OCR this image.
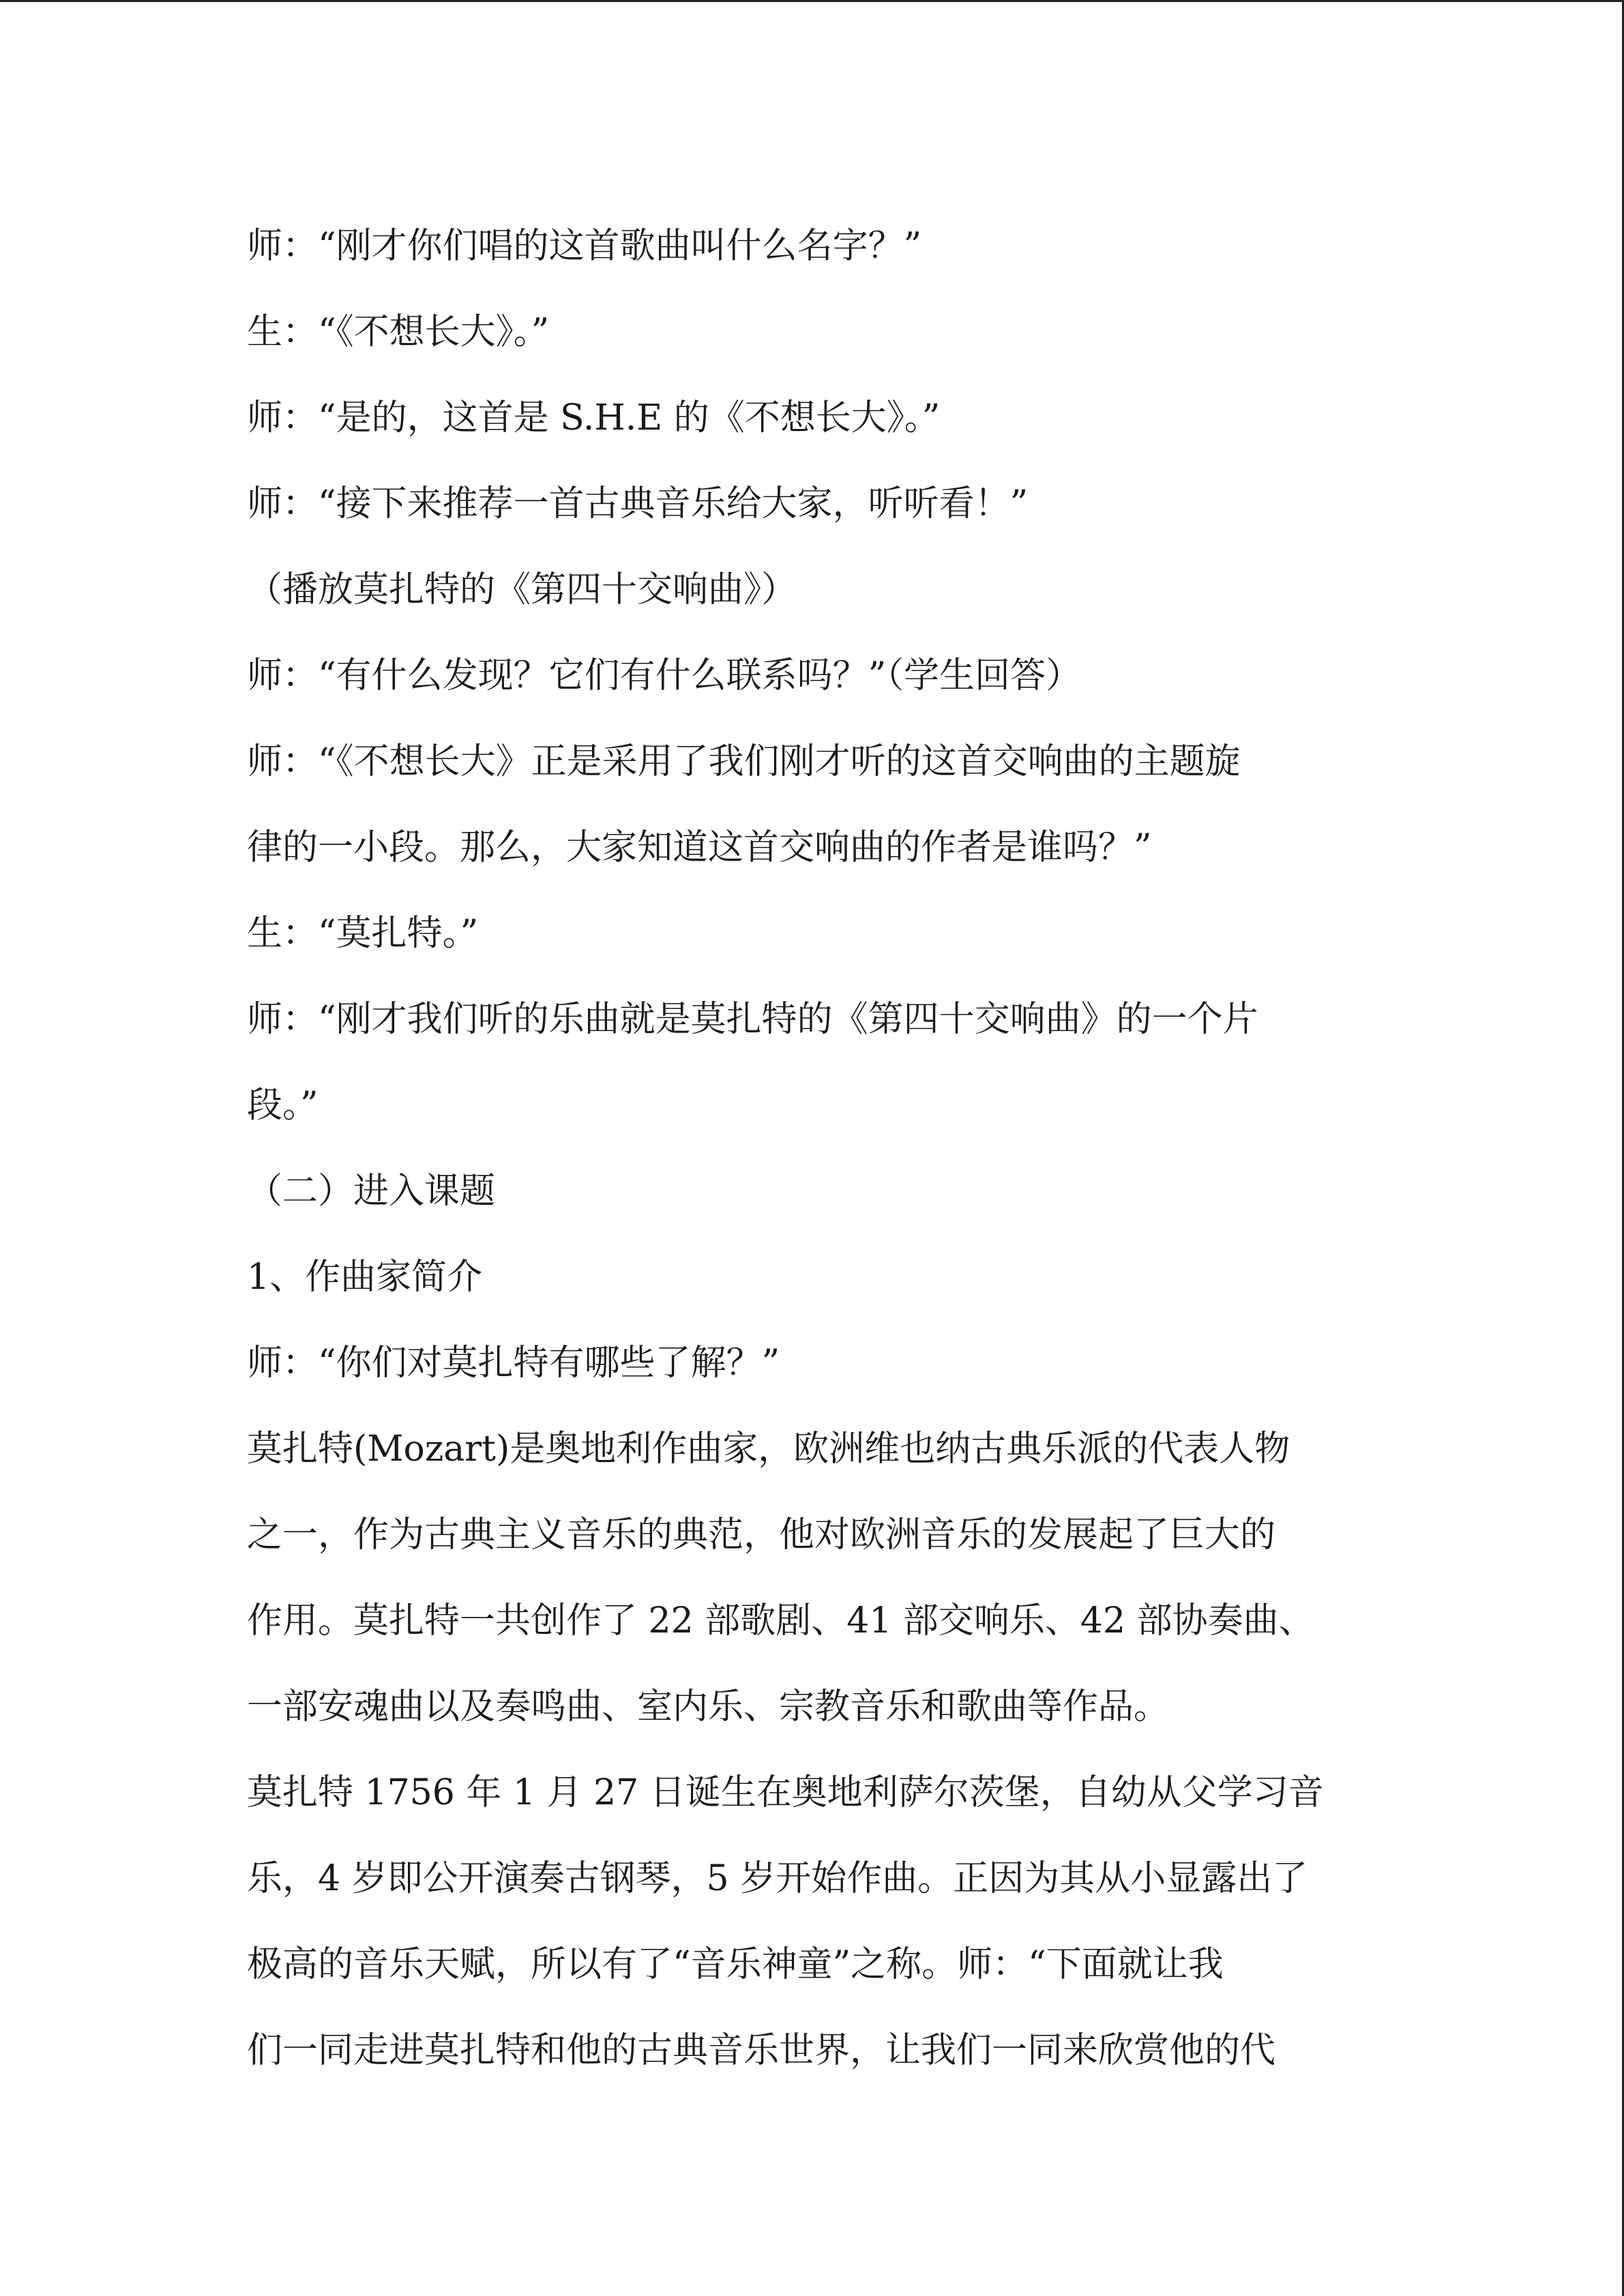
师：“刚才你们唱的这首歌曲叫什么名字？”
生：“《不想长大》。”
师：“是的，这首是 S.H.E 的《不想长大》。”
师：“接下来推荐一首古典音乐给大家，听听看！”
（播放莫扎特的《第四十交响曲》）
师：“有什么发现？它们有什么联系吗？”（学生回答）
师：“《不想长大》正是采用了我们刚才听的这首交响曲的主题旋
律的一小段。那么，大家知道这首交响曲的作者是谁吗？”
生：“莫扎特。”
师：“刚才我们听的乐曲就是莫扎特的《第四十交响曲》的一个片
段。”
（二）进入课题
1、作曲家简介
师：“你们对莫扎特有哪些了解？”
莫扎特(Mozart)是奥地利作曲家，欧洲维也纳古典乐派的代表人物
之一，作为古典主义音乐的典范，他对欧洲音乐的发展起了巨大的
作用。莫扎特一共创作了 22 部歌剧、41 部交响乐、42 部协奏曲、
一部安魂曲以及奏鸣曲、室内乐、宗教音乐和歌曲等作品。
莫扎特 1756 年 1 月 27 日诞生在奥地利萨尔茨堡，自幼从父学习音
乐，4 岁即公开演奏古钢琴，5 岁开始作曲。正因为其从小显露出了
极高的音乐天赋，所以有了“音乐神童”之称。师：“下面就让我
们一同走进莫扎特和他的古典音乐世界，让我们一同来欣赏他的代
